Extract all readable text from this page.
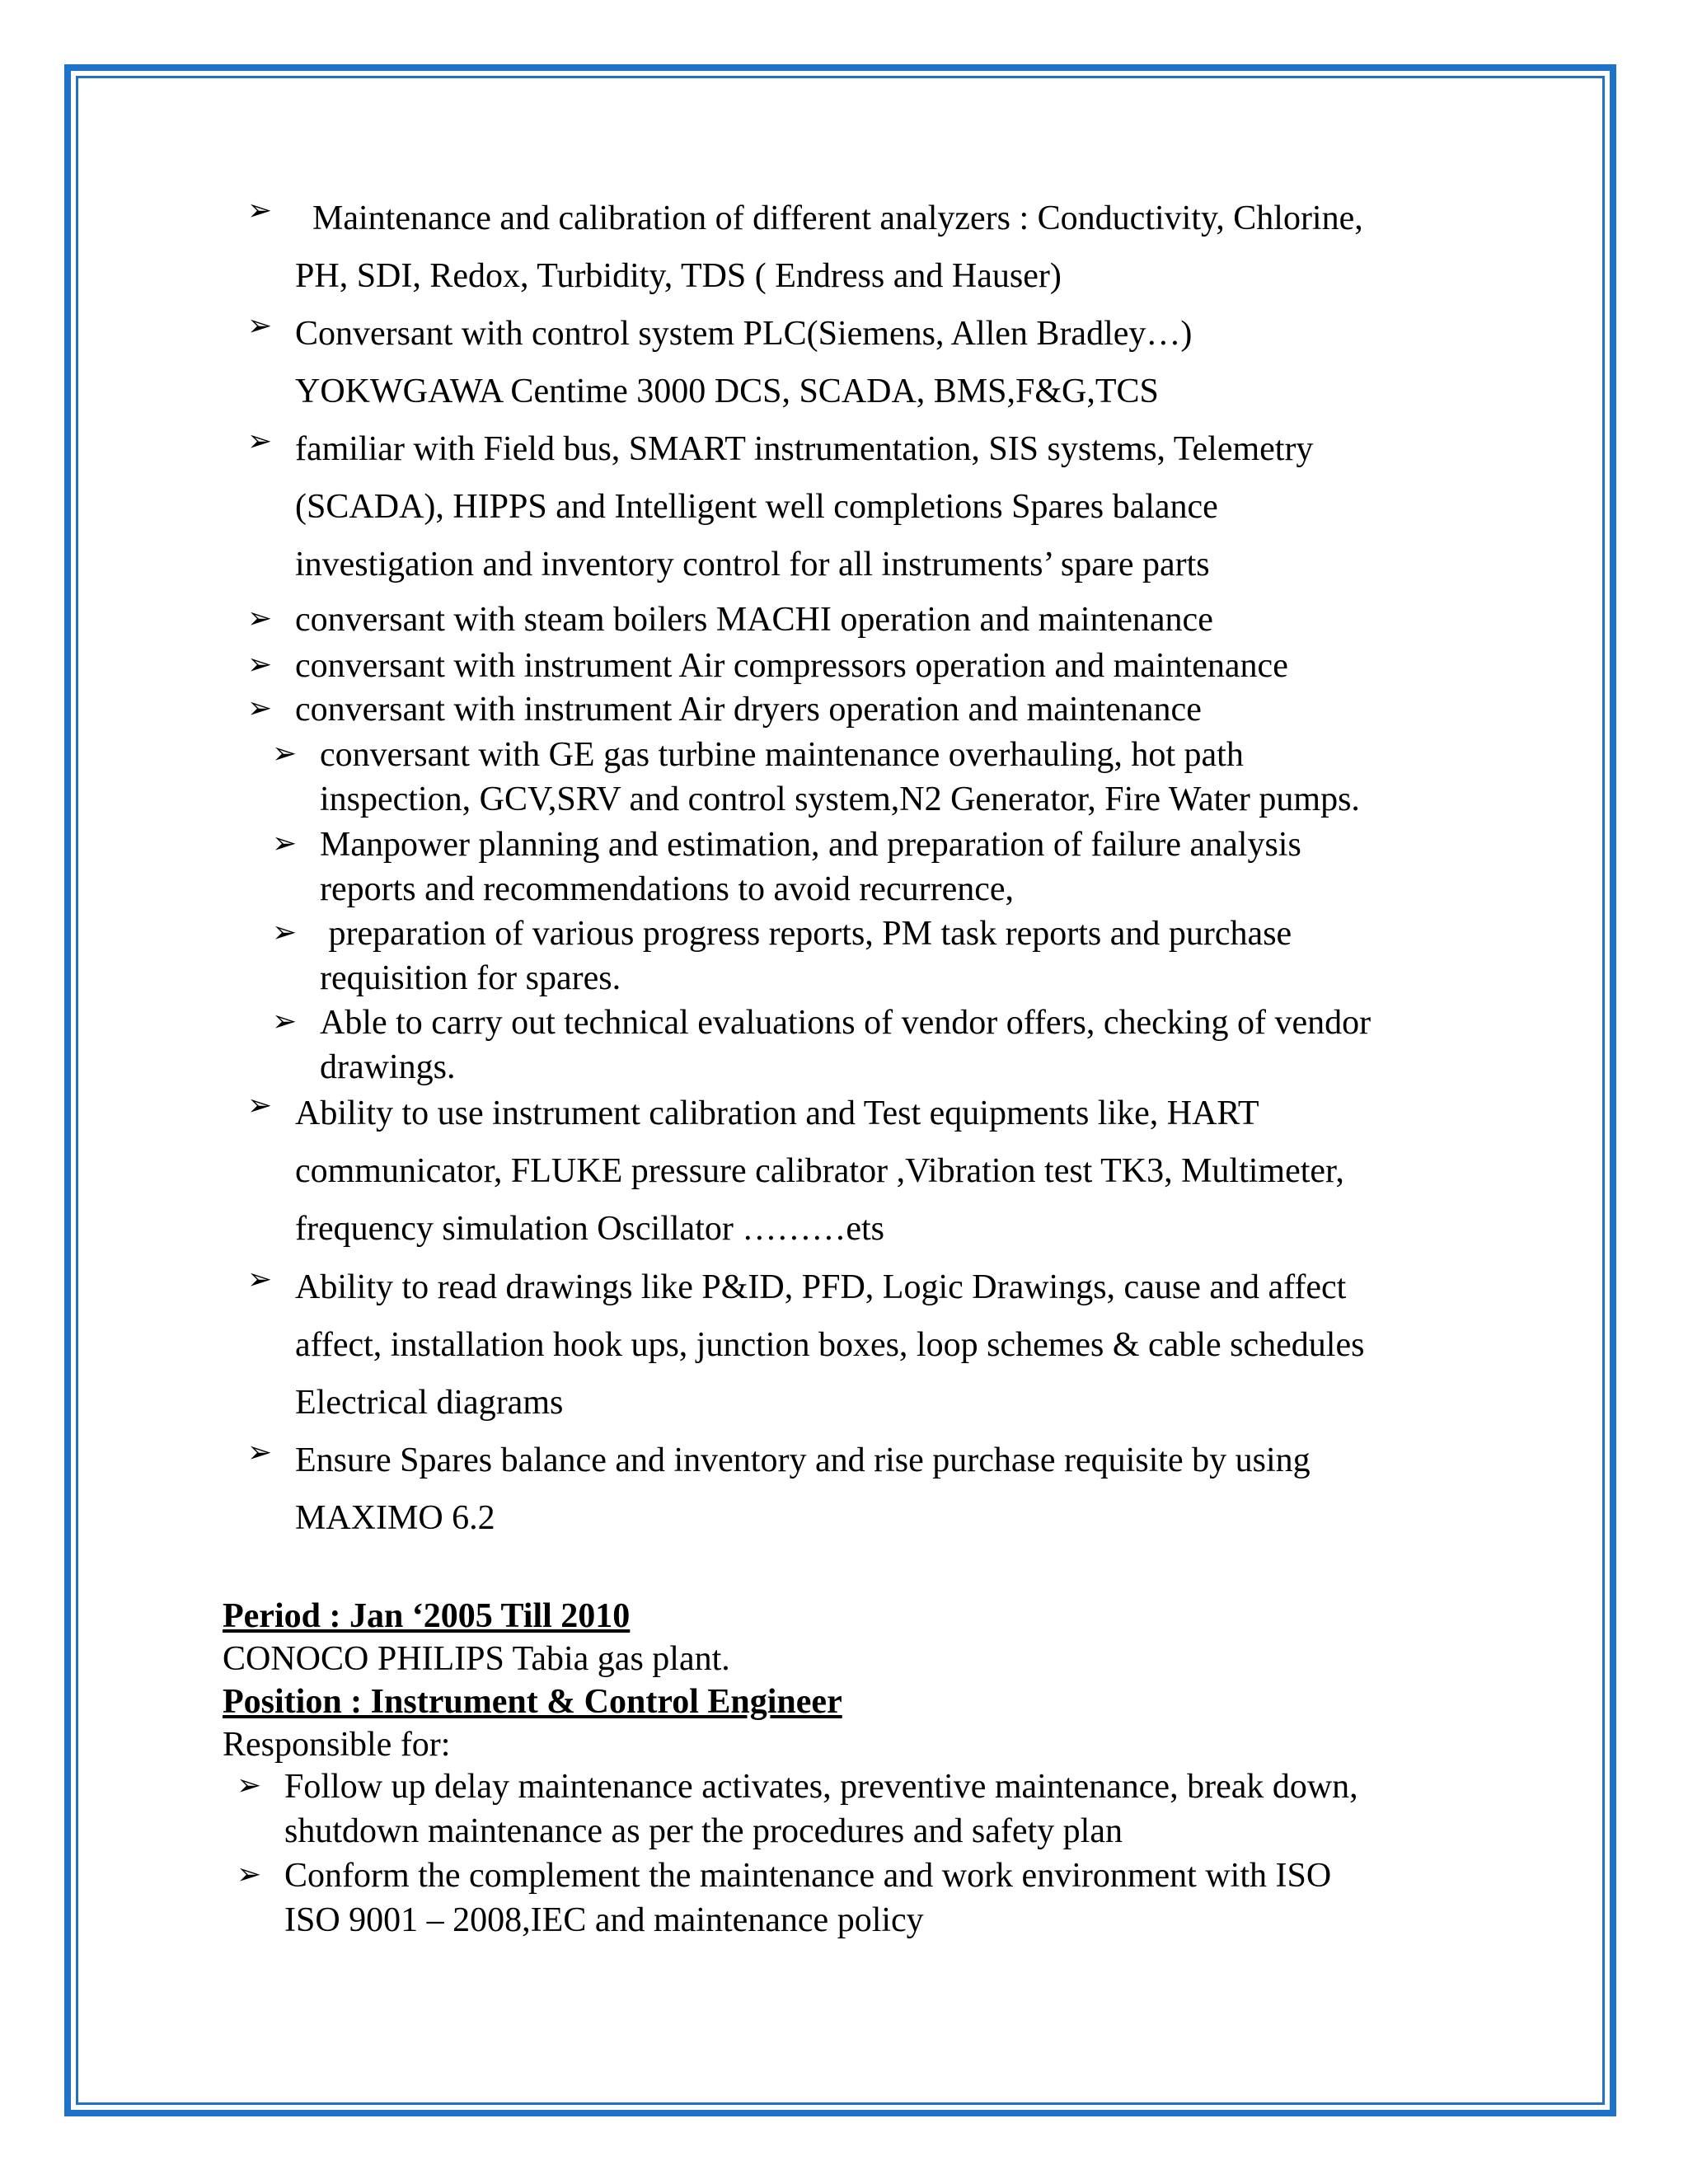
➢	Maintenance and calibration of different analyzers : Conductivity, Chlorine,
PH, SDI, Redox, Turbidity, TDS ( Endress and Hauser)
➢ Conversant with control system PLC(Siemens, Allen Bradley…)
YOKWGAWA Centime 3000 DCS, SCADA, BMS,F&G,TCS
➢ familiar with Field bus, SMART instrumentation, SIS systems, Telemetry
(SCADA), HIPPS and Intelligent well completions Spares balance
investigation and inventory control for all instruments’ spare parts
➢ conversant with steam boilers MACHI operation and maintenance
➢ conversant with instrument Air compressors operation and maintenance
➢ conversant with instrument Air dryers operation and maintenance
➢ conversant with GE gas turbine maintenance overhauling, hot path
inspection, GCV,SRV and control system,N2 Generator, Fire Water pumps.
➢ Manpower planning and estimation, and preparation of failure analysis
reports and recommendations to avoid recurrence,
➢ preparation of various progress reports, PM task reports and purchase
requisition for spares.
➢ Able to carry out technical evaluations of vendor offers, checking of vendor
drawings.
➢ Ability to use instrument calibration and Test equipments like, HART
communicator, FLUKE pressure calibrator ,Vibration test TK3, Multimeter,
frequency simulation Oscillator ………ets
➢ Ability to read drawings like P&ID, PFD, Logic Drawings, cause and affect
affect, installation hook ups, junction boxes, loop schemes & cable schedules
Electrical diagrams
➢ Ensure Spares balance and inventory and rise purchase requisite by using
MAXIMO 6.2
Period : Jan ‘2005 Till 2010
CONOCO PHILIPS Tabia gas plant.
Position : Instrument & Control Engineer
Responsible for:
➢ Follow up delay maintenance activates, preventive maintenance, break down,
shutdown maintenance as per the procedures and safety plan
➢ Conform the complement the maintenance and work environment with ISO
ISO 9001 – 2008,IEC and maintenance policy
